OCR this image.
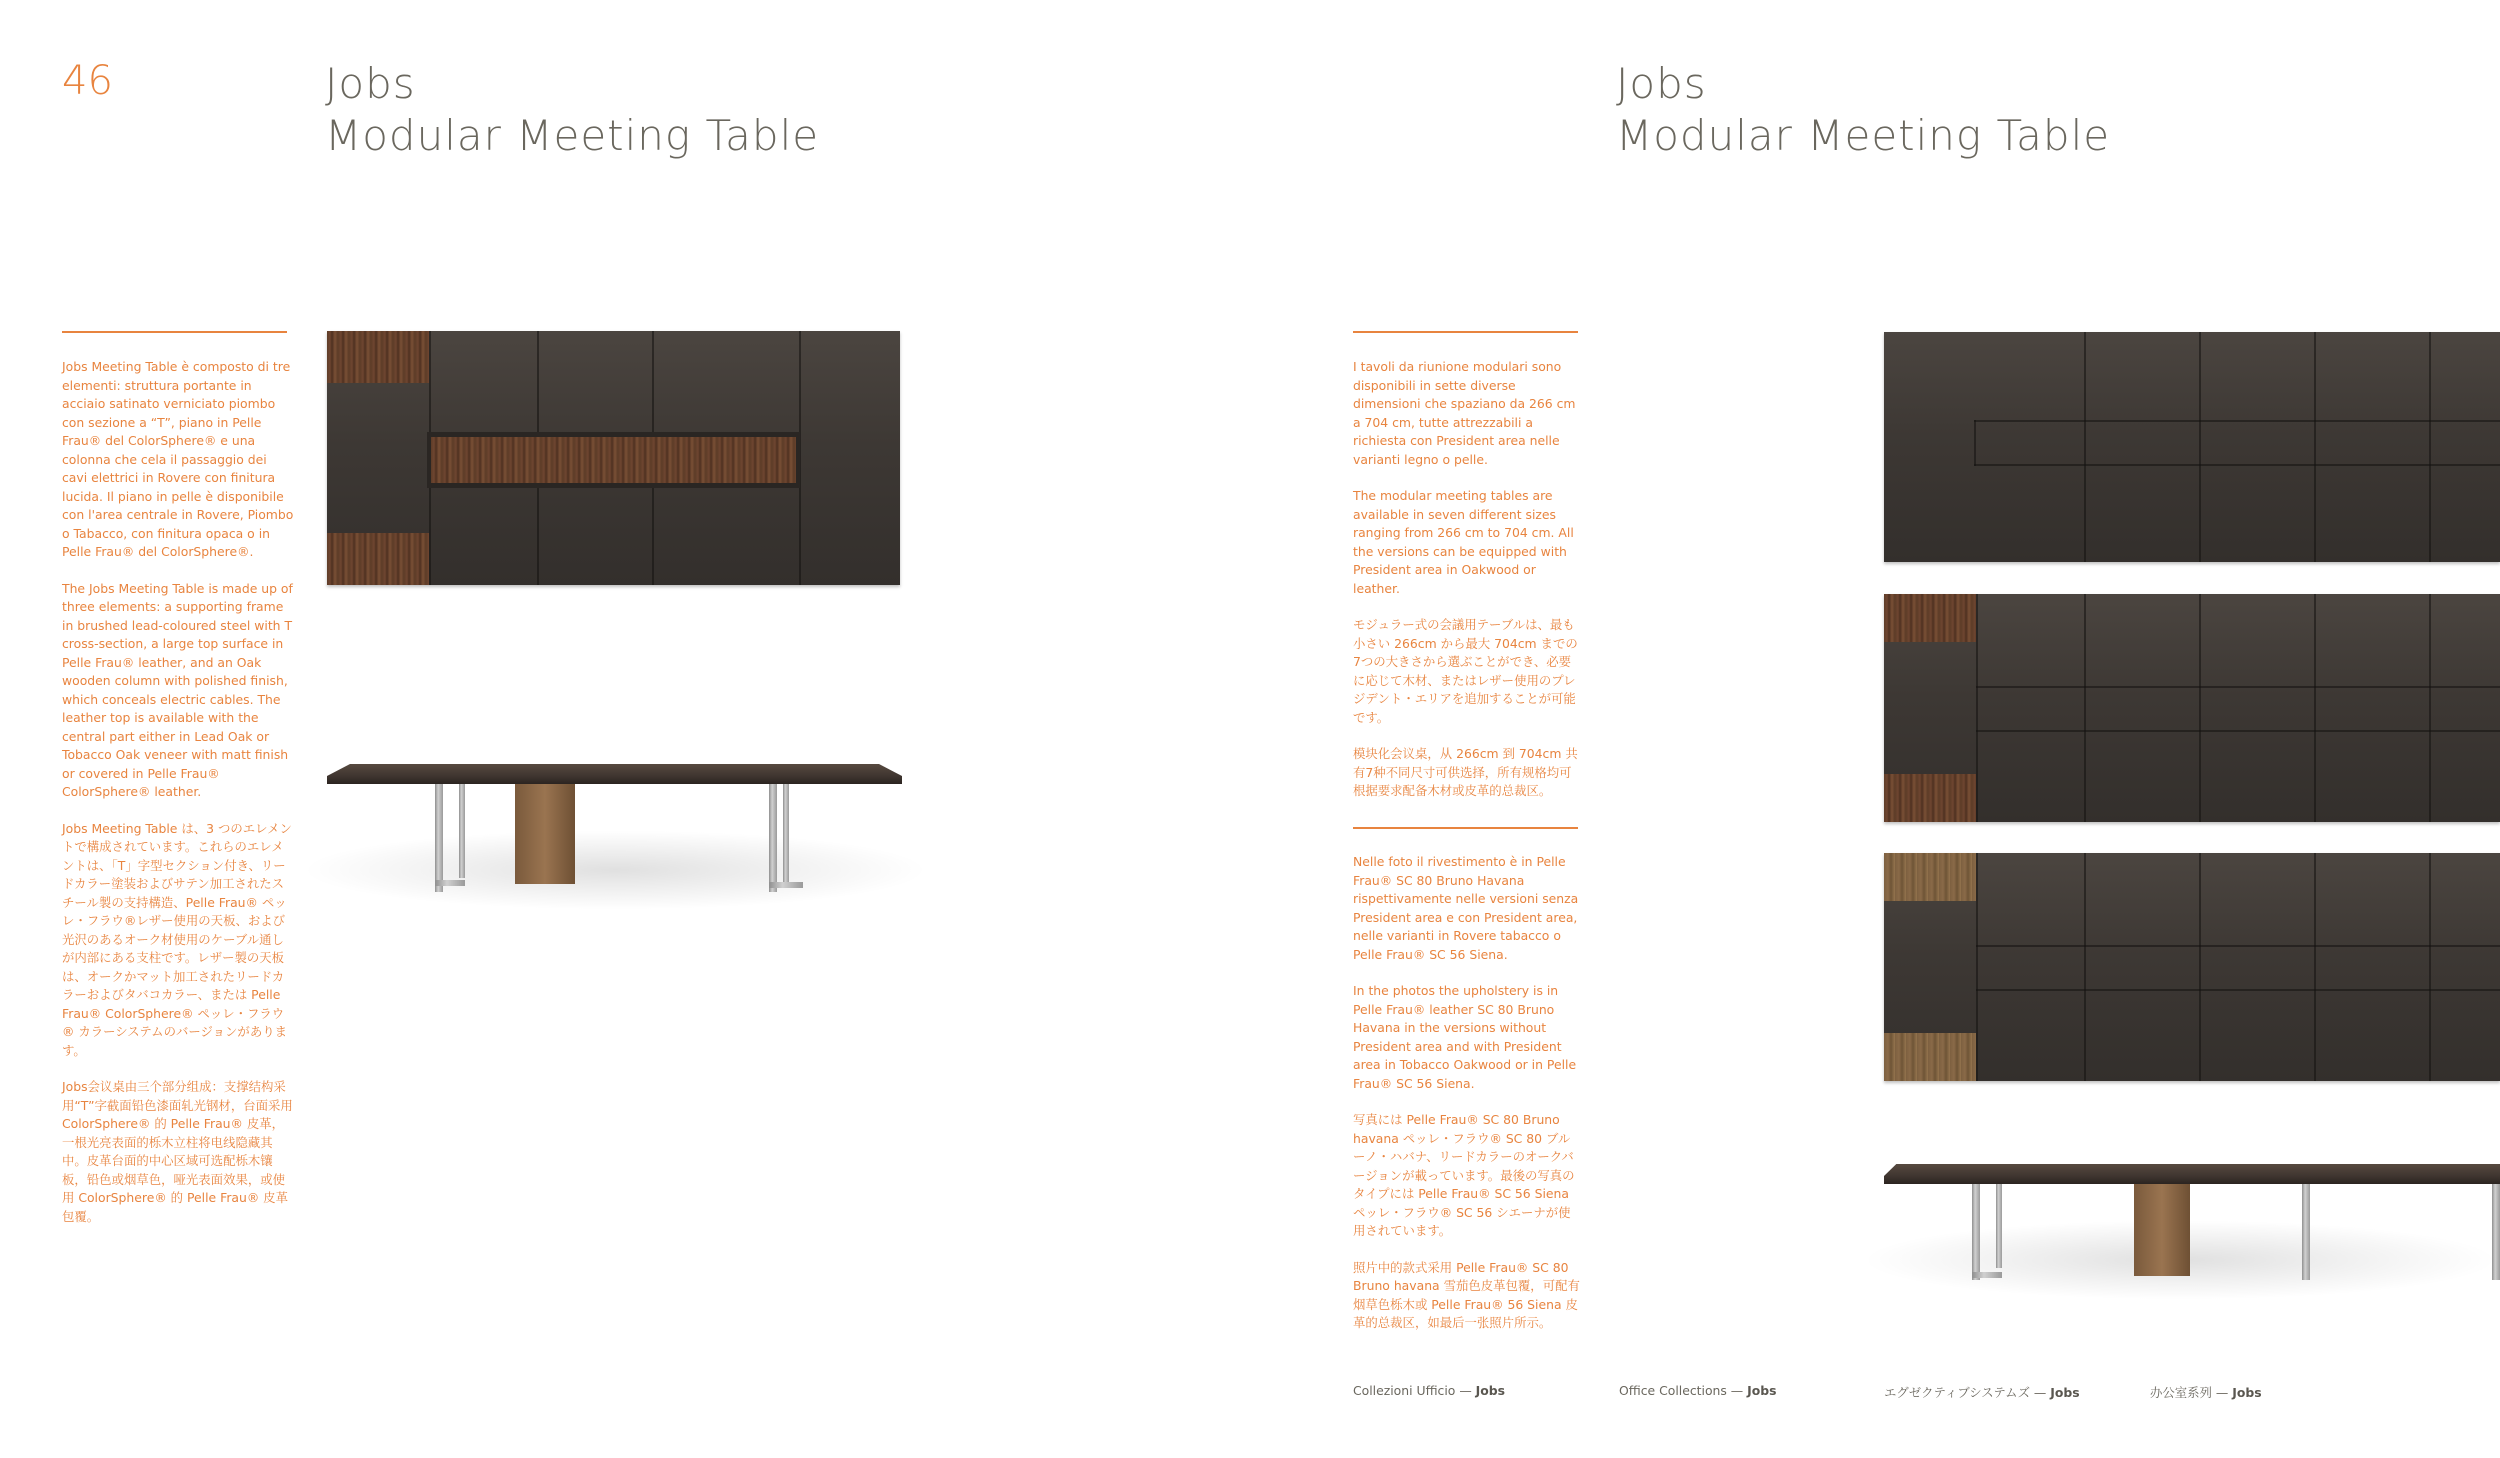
46	Jobs
Modular Meeting Table
Jobs
Modular Meeting Table

Jobs Meeting Table è composto di tre elementi: struttura portante in acciaio satinato verniciato piombo con sezione a “T”, piano in Pelle Frau® del ColorSphere® e una colonna che cela il passaggio dei cavi elettrici in Rovere con finitura lucida. Il piano in pelle è disponibile con l'area centrale in Rovere, Piombo o Tabacco, con finitura opaca o in Pelle Frau® del ColorSphere®.

The Jobs Meeting Table is made up of three elements: a supporting frame in brushed lead-coloured steel with T cross-section, a large top surface in Pelle Frau® leather, and an Oak wooden column with polished finish, which conceals electric cables. The leather top is available with the central part either in Lead Oak or Tobacco Oak veneer with matt finish or covered in Pelle Frau® ColorSphere® leather.

Jobs Meeting Table は、3 つのエレメントで構成されています。これらのエレメントは、「T」字型セクション付き、リードカラー塗装およびサテン加工されたスチール製の支持構造、Pelle Frau® ペッレ・フラウ®レザー使用の天板、および光沢のあるオーク材使用のケーブル通しが内部にある支柱です。レザー製の天板は、オークかマット加工されたリードカラーおよびタバコカラー、または Pelle Frau® ColorSphere® ペッレ・フラウ® カラーシステムのバージョンがあります。

Jobs会议桌由三个部分组成：支撑结构采用“T”字截面铅色漆面轧光钢材，台面采用 ColorSphere® 的 Pelle Frau® 皮革，一根光亮表面的栎木立柱将电线隐藏其中。皮革台面的中心区域可选配栎木镶板，铅色或烟草色，哑光表面效果，或使用 ColorSphere® 的 Pelle Frau® 皮革包覆。

I tavoli da riunione modulari sono disponibili in sette diverse dimensioni che spaziano da 266 cm a 704 cm, tutte attrezzabili a richiesta con President area nelle varianti legno o pelle.

The modular meeting tables are available in seven different sizes ranging from 266 cm to 704 cm. All the versions can be equipped with President area in Oakwood or leather.

モジュラー式の会議用テーブルは、最も小さい 266cm から最大 704cm までの7つの大きさから選ぶことができ、必要に応じて木材、またはレザー使用のプレジデント・エリアを追加することが可能です。

模块化会议桌，从 266cm 到 704cm 共有7种不同尺寸可供选择，所有规格均可根据要求配备木材或皮革的总裁区。

Nelle foto il rivestimento è in Pelle Frau® SC 80 Bruno Havana rispettivamente nelle versioni senza President area e con President area, nelle varianti in Rovere tabacco o Pelle Frau® SC 56 Siena.

In the photos the upholstery is in Pelle Frau® leather SC 80 Bruno Havana in the versions without President area and with President area in Tobacco Oakwood or in Pelle Frau® SC 56 Siena.

写真には Pelle Frau® SC 80 Bruno havana ペッレ・フラウ® SC 80 ブルーノ・ハバナ、リードカラーのオークバージョンが載っています。最後の写真のタイプには Pelle Frau® SC 56 Siena ペッレ・フラウ® SC 56 シエーナが使用されています。

照片中的款式采用 Pelle Frau® SC 80 Bruno havana 雪茄色皮革包覆，可配有烟草色栎木或 Pelle Frau® 56 Siena 皮革的总裁区，如最后一张照片所示。

Collezioni Ufficio — Jobs	Office Collections — Jobs	エグゼクティブシステムズ — Jobs	办公室系列 — Jobs
